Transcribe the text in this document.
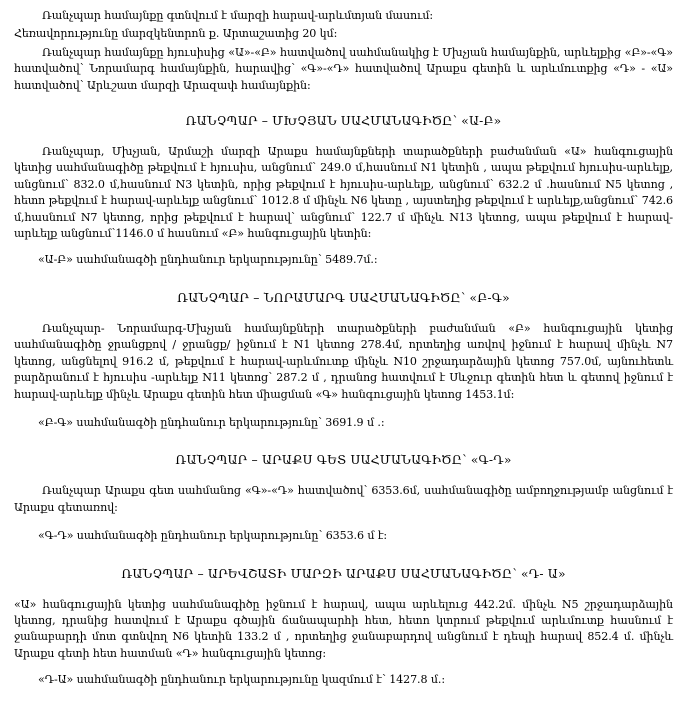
Ռանչպար համայնքը գտնվում է մարզի հարավ-արևմտյան մասում:

Հեռավորությունը մարզկենտրոն ք. Արտաշատից 20 կմ:

Ռանչպար համայնքը հյուսիսից «Ա»-«Բ» հատվածով սահմանակից է Մխչյան համայնքին, արևելքից «Բ»-«Գ» հատվածով՝ Նորամարգ համայնքին, հարավից՝ «Գ»-«Դ» հատվածով Արաքս գետին և արևմուտքից «Դ» - «Ա» հատվածով՝ Արևշատ մարզի Արազափ համայնքին:

ՌԱՆՉՊԱՐ – ՄԽՉՅԱՆ ՍԱՀՄԱՆԱԳԻԾԸ՝ «Ա-Բ»

Ռանչպար, Մխչյան, Արմաշի մարզի Արաքս համայնքների տարածքների բաժանման «Ա» հանգուցային կետից սահմանագիծը թեքվում է հյուսիս, անցնում՝ 249.0 մ,հասնում N1 կետին , ապա թեքվում հյուսիս-արևելք, անցնում՝ 832.0 մ,հասնում N3 կետին, որից թեքվում է հյուսիս-արևելք, անցնում՝ 632.2 մ .հասնում N5 կետոց , հետո թեքվում է հարավ-արևելք անցնում՝ 1012.8 մ մինչև N6 կետը , այստեղից թեքվում է արևելք,անցնում՝ 742.6 մ,հասնում N7 կետոց, որից թեքվում է հարավ՝ անցնում՝ 122.7 մ մինչև N13 կետոց, ապա թեքվում է հարավ-արևելք անցնում՝1146.0 մ հասնում «Բ» հանգուցային կետին:

«Ա-Բ» սահմանագծի ընդհանուր երկարությունը՝ 5489.7մ.:

ՌԱՆՉՊԱՐ – ՆՈՐԱՄԱՐԳ ՍԱՀՄԱՆԱԳԻԾԸ՝ «Բ-Գ»

Ռանչպար- Նորամարգ-Մխչյան համայնքների տարածքների բաժանման «Բ» հանգուցային կետից սահմանագիծը ջրանցքով / ջրանցք/ իջնում է N1 կետոց 278.4մ, որտեղից առվով իջնում է հարավ մինչև N7 կետոց, անցնելով 916.2 մ, թեքվում է հարավ-արևմուտք մինչև N10 շրջադարձային կետոց 757.0մ, այնուհետև բարձրանում է հյուսիս -արևելք N11 կետոց՝ 287.2 մ , դրանոց հատվում է Սևջուր գետին հետ և գետով իջնում է հարավ-արևելք մինչև Արաքս գետին հետ միացման «Գ» հանգուցային կետոց 1453.1մ:

«Բ-Գ» սահմանագծի ընդհանուր երկարությունը՝ 3691.9 մ .:

ՌԱՆՉՊԱՐ – ԱՐԱՔՍ ԳԵՏ ՍԱՀՄԱՆԱԳԻԾԸ՝ «Գ-Դ»

Ռանչպար Արաքս գետ սահմանոց «Գ»-«Դ» հատվածով՝ 6353.6մ, սահմանագիծը ամբողջությամբ անցնում է Արաքս գետառով:

«Գ-Դ» սահմանագծի ընդհանուր երկարությունը՝ 6353.6 մ է:

ՌԱՆՉՊԱՐ – ԱՐԵՎՇԱՏԻ ՄԱՐԶԻ ԱՐԱՔՍ ՍԱՀՄԱՆԱԳԻԾԸ՝ «Դ- Ա»

«Ա» հանգուցային կետից սահմանագիծը իջնում է հարավ, ապա արևելուց 442.2մ. մինչև N5 շրջադարձային կետոց, դրանից հատվում է Արաքս գծային ճանապարհի հետ, հետո կտրում թեքվում արևմուտք հասնում է ջանաբարդի մոտ գտնվող N6 կետին 133.2 մ , որտեղից ջանաբարդով անցնում է դեպի հարավ 852.4 մ. մինչև Արաքս գետի հետ հատման «Դ» հանգուցային կետոց:

«Դ-Ա» սահմանագծի ընդհանուր երկարությունը կազմում է՝ 1427.8 մ.:
